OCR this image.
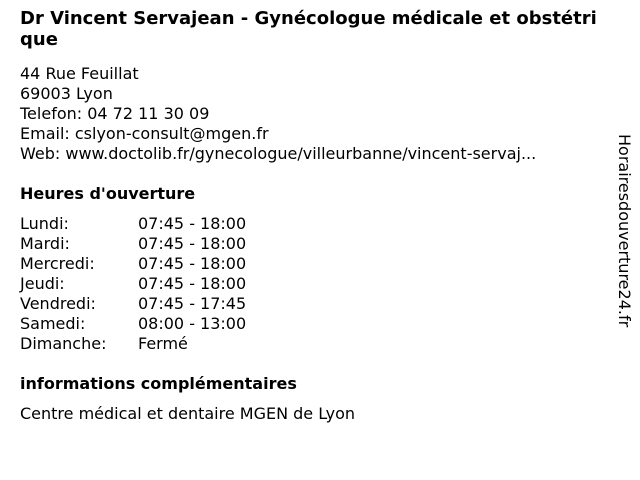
Dr Vincent Servajean - Gynécologue médicale et obstétrique
44 Rue Feuillat
69003 Lyon
Telefon: 04 72 11 30 09
Email: cslyon-consult@mgen.fr
Web: www.doctolib.fr/gynecologue/villeurbanne/vincent-servaj...
Heures d'ouverture
Lundi:	07:45 - 18:00
Mardi:	07:45 - 18:00
Mercredi:	07:45 - 18:00
Jeudi:	07:45 - 18:00
Vendredi:	07:45 - 17:45
Samedi:	08:00 - 13:00
Dimanche: Fermé
informations complémentaires
Centre médical et dentaire MGEN de Lyon
Horairesdouverture24.fr
